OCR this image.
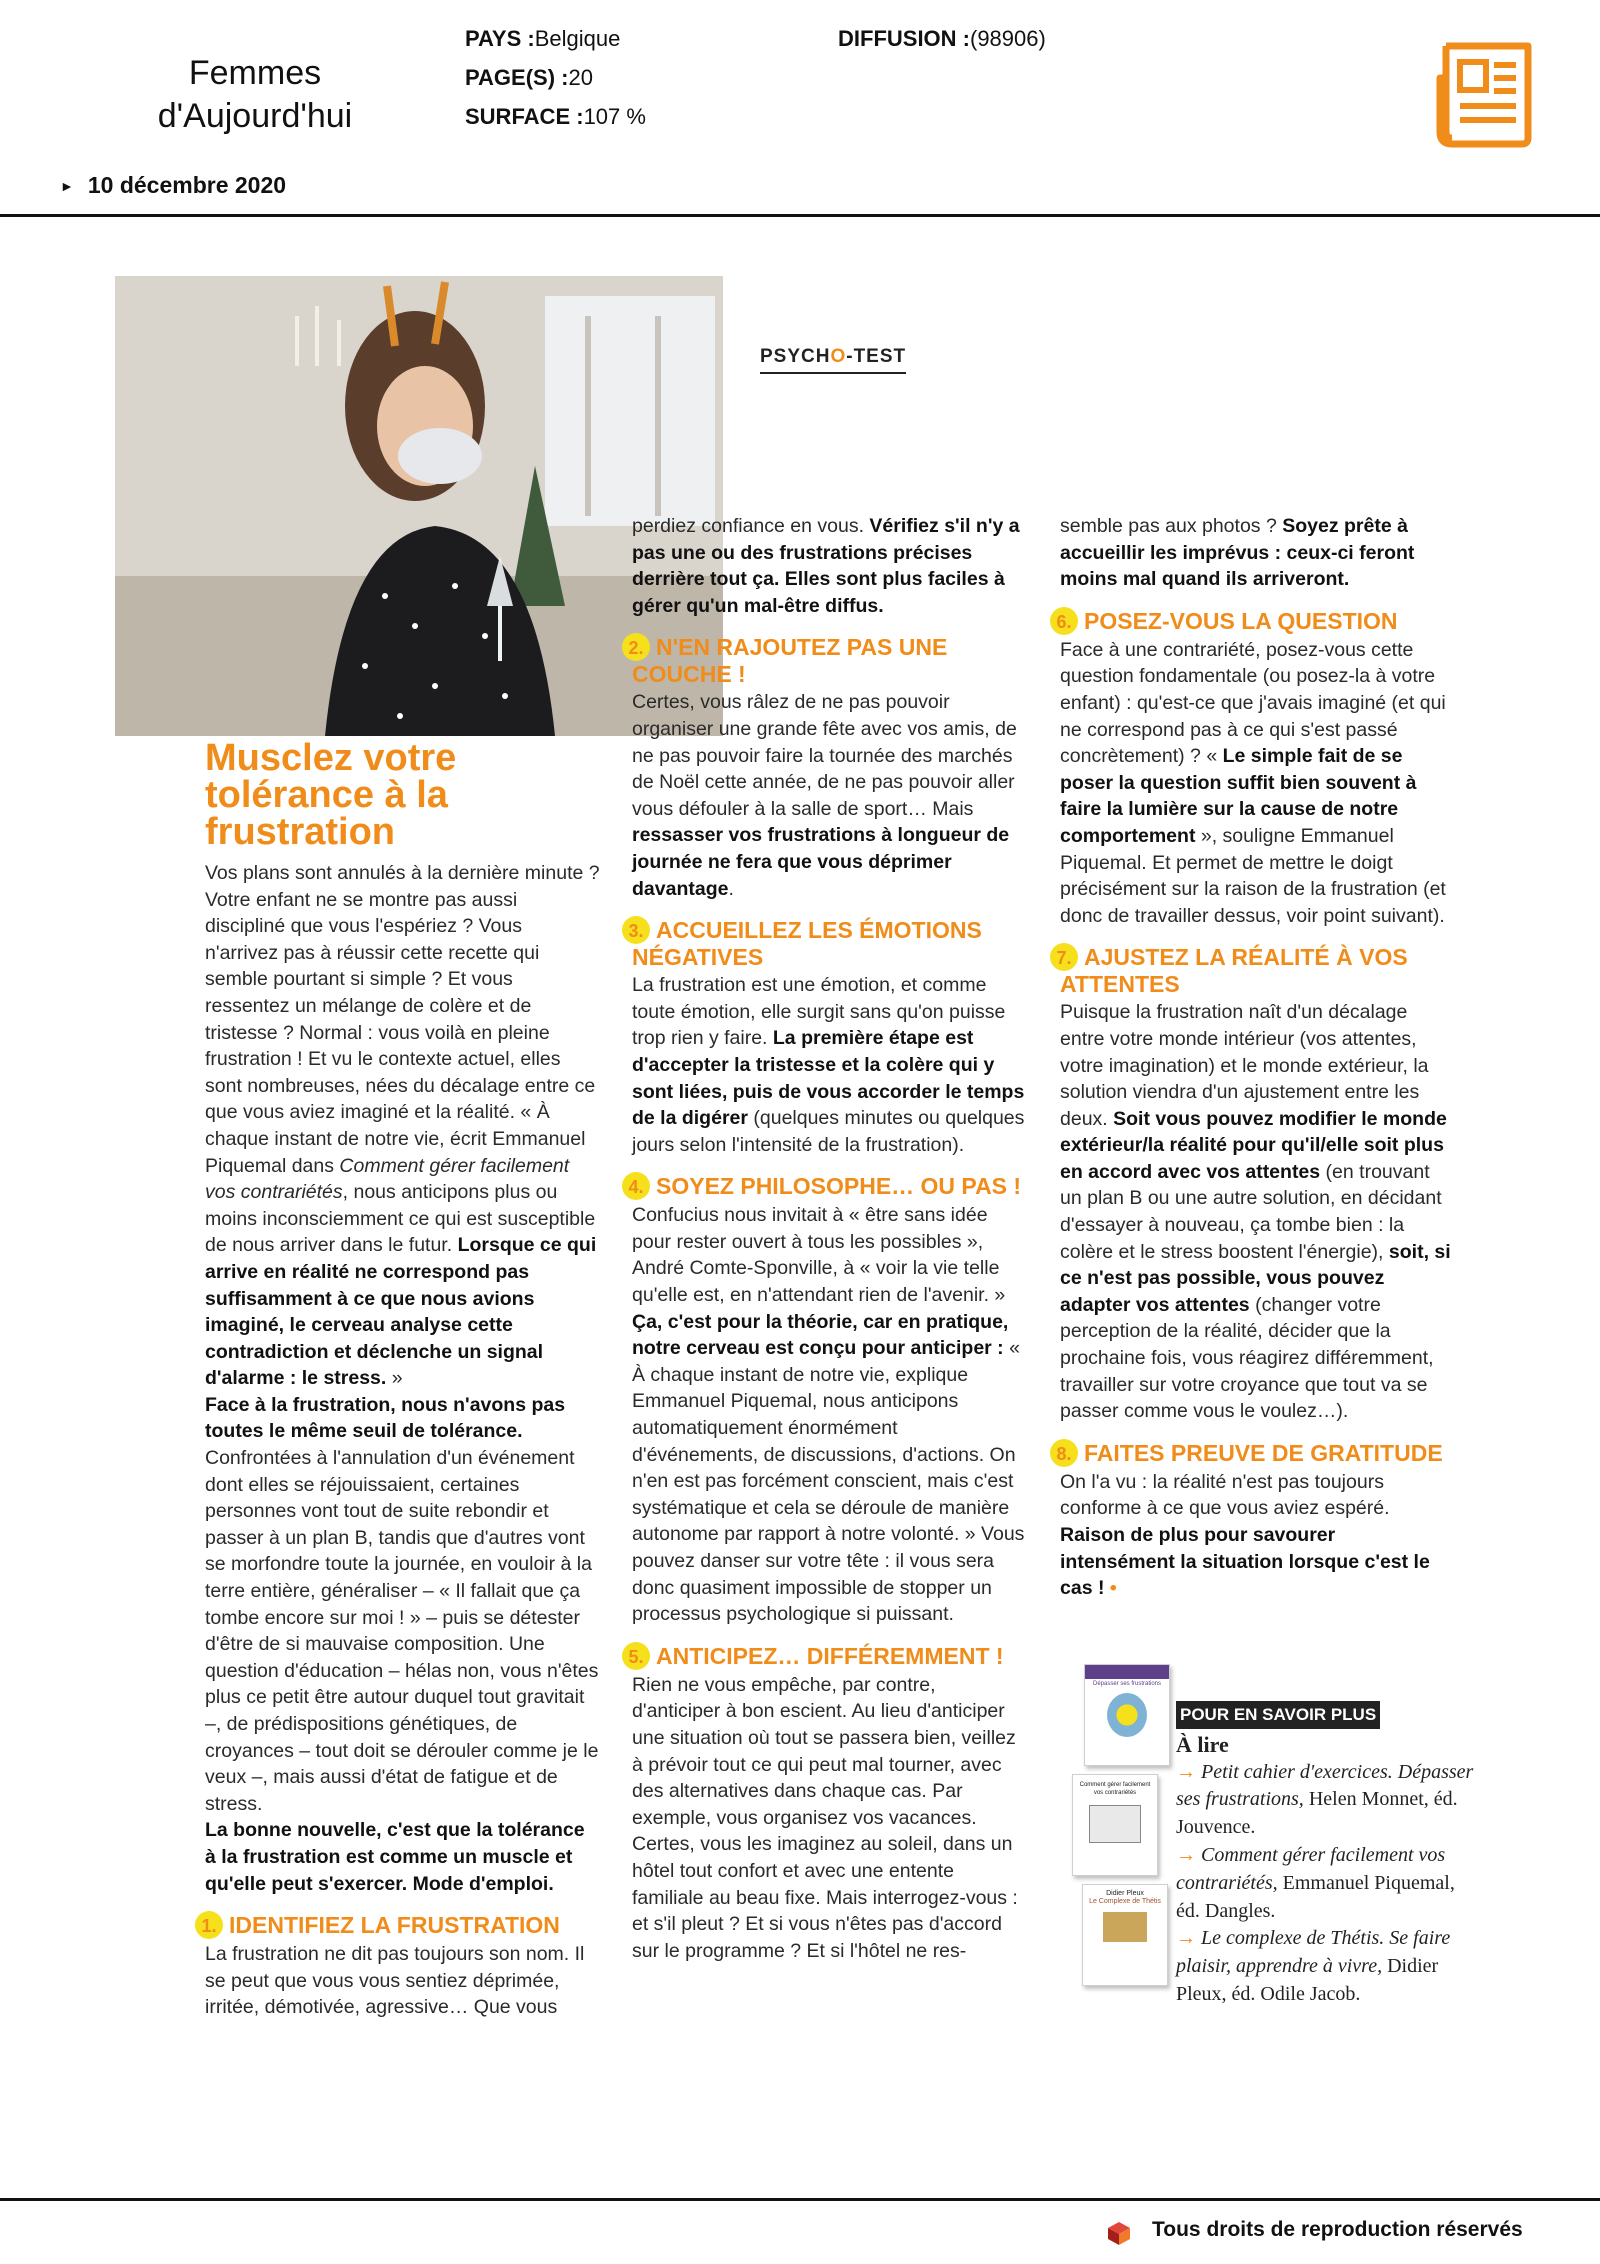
Femmes d'Aujourd'hui
PAYS :Belgique
PAGE(S) :20
SURFACE :107 %
DIFFUSION :(98906)
► 10 décembre 2020
PSYCHO-TEST
Musclez votre tolérance à la frustration

Vos plans sont annulés à la dernière minute ? Votre enfant ne se montre pas aussi discipliné que vous l'espériez ? Vous n'arrivez pas à réussir cette recette qui semble pourtant si simple ? Et vous ressentez un mélange de colère et de tristesse ? Normal : vous voilà en pleine frustration ! Et vu le contexte actuel, elles sont nombreuses, nées du décalage entre ce que vous aviez imaginé et la réalité. « À chaque instant de notre vie, écrit Emmanuel Piquemal dans Comment gérer facilement vos contrariétés, nous anticipons plus ou moins inconsciemment ce qui est susceptible de nous arriver dans le futur. Lorsque ce qui arrive en réalité ne correspond pas suffisamment à ce que nous avions imaginé, le cerveau analyse cette contradiction et déclenche un signal d'alarme : le stress. »

Face à la frustration, nous n'avons pas toutes le même seuil de tolérance.

Confrontées à l'annulation d'un événement dont elles se réjouissaient, certaines personnes vont tout de suite rebondir et passer à un plan B, tandis que d'autres vont se morfondre toute la journée, en vouloir à la terre entière, généraliser – « Il fallait que ça tombe encore sur moi ! » – puis se détester d'être de si mauvaise composition. Une question d'éducation – hélas non, vous n'êtes plus ce petit être autour duquel tout gravitait –, de prédispositions génétiques, de croyances – tout doit se dérouler comme je le veux –, mais aussi d'état de fatigue et de stress.

La bonne nouvelle, c'est que la tolérance à la frustration est comme un muscle et qu'elle peut s'exercer. Mode d'emploi.

1. IDENTIFIEZ LA FRUSTRATION

La frustration ne dit pas toujours son nom. Il se peut que vous vous sentiez déprimée, irritée, démotivée, agressive… Que vous

perdiez confiance en vous. Vérifiez s'il n'y a pas une ou des frustrations précises derrière tout ça. Elles sont plus faciles à gérer qu'un mal-être diffus.

2. N'EN RAJOUTEZ PAS UNE COUCHE !

Certes, vous râlez de ne pas pouvoir organiser une grande fête avec vos amis, de ne pas pouvoir faire la tournée des marchés de Noël cette année, de ne pas pouvoir aller vous défouler à la salle de sport… Mais ressasser vos frustrations à longueur de journée ne fera que vous déprimer davantage.

3. ACCUEILLEZ LES ÉMOTIONS NÉGATIVES

La frustration est une émotion, et comme toute émotion, elle surgit sans qu'on puisse trop rien y faire. La première étape est d'accepter la tristesse et la colère qui y sont liées, puis de vous accorder le temps de la digérer (quelques minutes ou quelques jours selon l'intensité de la frustration).

4. SOYEZ PHILOSOPHE… OU PAS !

Confucius nous invitait à « être sans idée pour rester ouvert à tous les possibles », André Comte-Sponville, à « voir la vie telle qu'elle est, en n'attendant rien de l'avenir. » Ça, c'est pour la théorie, car en pratique, notre cerveau est conçu pour anticiper : « À chaque instant de notre vie, explique Emmanuel Piquemal, nous anticipons automatiquement énormément d'événements, de discussions, d'actions. On n'en est pas forcément conscient, mais c'est systématique et cela se déroule de manière autonome par rapport à notre volonté. » Vous pouvez danser sur votre tête : il vous sera donc quasiment impossible de stopper un processus psychologique si puissant.

5. ANTICIPEZ… DIFFÉREMMENT !

Rien ne vous empêche, par contre, d'anticiper à bon escient. Au lieu d'anticiper une situation où tout se passera bien, veillez à prévoir tout ce qui peut mal tourner, avec des alternatives dans chaque cas. Par exemple, vous organisez vos vacances. Certes, vous les imaginez au soleil, dans un hôtel tout confort et avec une entente familiale au beau fixe. Mais interrogez-vous : et s'il pleut ? Et si vous n'êtes pas d'accord sur le programme ? Et si l'hôtel ne res-

semble pas aux photos ? Soyez prête à accueillir les imprévus : ceux-ci feront moins mal quand ils arriveront.

6. POSEZ-VOUS LA QUESTION

Face à une contrariété, posez-vous cette question fondamentale (ou posez-la à votre enfant) : qu'est-ce que j'avais imaginé (et qui ne correspond pas à ce qui s'est passé concrètement) ? « Le simple fait de se poser la question suffit bien souvent à faire la lumière sur la cause de notre comportement », souligne Emmanuel Piquemal. Et permet de mettre le doigt précisément sur la raison de la frustration (et donc de travailler dessus, voir point suivant).

7. AJUSTEZ LA RÉALITÉ À VOS ATTENTES

Puisque la frustration naît d'un décalage entre votre monde intérieur (vos attentes, votre imagination) et le monde extérieur, la solution viendra d'un ajustement entre les deux. Soit vous pouvez modifier le monde extérieur/la réalité pour qu'il/elle soit plus en accord avec vos attentes (en trouvant un plan B ou une autre solution, en décidant d'essayer à nouveau, ça tombe bien : la colère et le stress boostent l'énergie), soit, si ce n'est pas possible, vous pouvez adapter vos attentes (changer votre perception de la réalité, décider que la prochaine fois, vous réagirez différemment, travailler sur votre croyance que tout va se passer comme vous le voulez…).

8. FAITES PREUVE DE GRATITUDE

On l'a vu : la réalité n'est pas toujours conforme à ce que vous aviez espéré. Raison de plus pour savourer intensément la situation lorsque c'est le cas ! •

Dépasser ses frustrations
Comment gérer facilement vos contrariétés
Didier Pleux
Le Complexe de Thétis
POUR EN SAVOIR PLUS
À lire
→ Petit cahier d'exercices. Dépasser ses frustrations, Helen Monnet, éd. Jouvence.
→ Comment gérer facilement vos contrariétés, Emmanuel Piquemal, éd. Dangles.
→ Le complexe de Thétis. Se faire plaisir, apprendre à vivre, Didier Pleux, éd. Odile Jacob.
Tous droits de reproduction réservés
